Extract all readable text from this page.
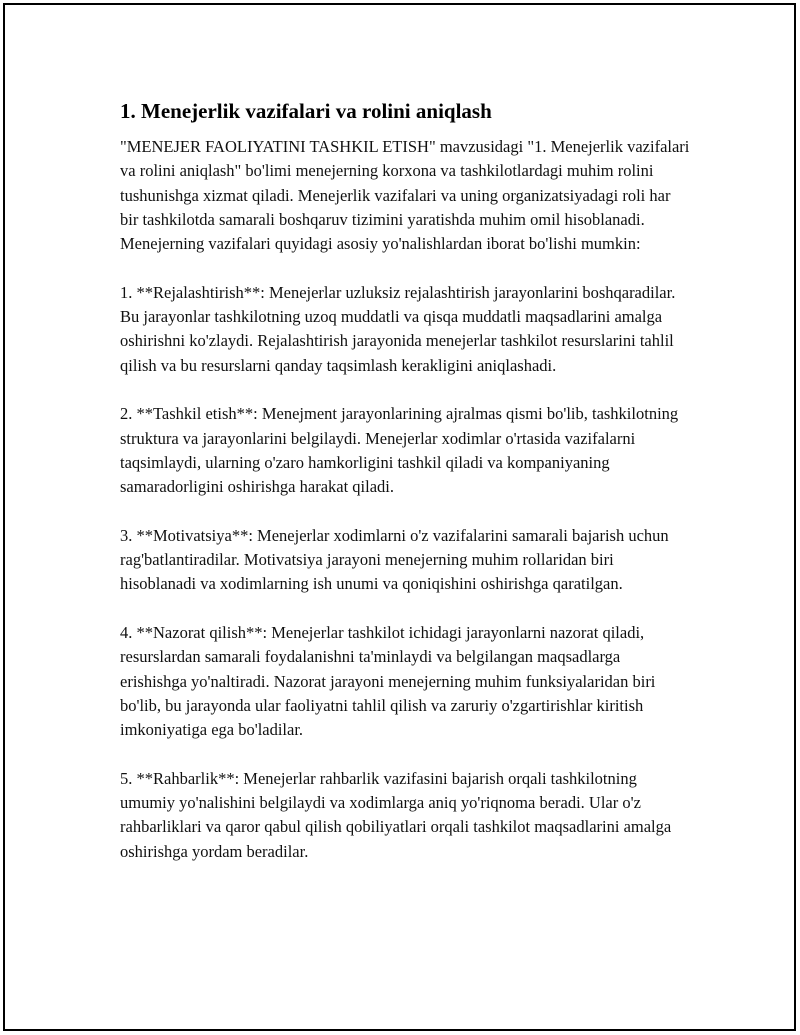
1. Menejerlik vazifalari va rolini aniqlash

"MENEJER FAOLIYATINI TASHKIL ETISH" mavzusidagi "1. Menejerlik vazifalari va rolini aniqlash" bo'limi menejerning korxona va tashkilotlardagi muhim rolini tushunishga xizmat qiladi. Menejerlik vazifalari va uning organizatsiyadagi roli har bir tashkilotda samarali boshqaruv tizimini yaratishda muhim omil hisoblanadi. Menejerning vazifalari quyidagi asosiy yo'nalishlardan iborat bo'lishi mumkin:

1. **Rejalashtirish**: Menejerlar uzluksiz rejalashtirish jarayonlarini boshqaradilar. Bu jarayonlar tashkilotning uzoq muddatli va qisqa muddatli maqsadlarini amalga oshirishni ko'zlaydi. Rejalashtirish jarayonida menejerlar tashkilot resurslarini tahlil qilish va bu resurslarni qanday taqsimlash kerakligini aniqlashadi.

2. **Tashkil etish**: Menejment jarayonlarining ajralmas qismi bo'lib, tashkilotning struktura va jarayonlarini belgilaydi. Menejerlar xodimlar o'rtasida vazifalarni taqsimlaydi, ularning o'zaro hamkorligini tashkil qiladi va kompaniyaning samaradorligini oshirishga harakat qiladi.

3. **Motivatsiya**: Menejerlar xodimlarni o'z vazifalarini samarali bajarish uchun rag'batlantiradilar. Motivatsiya jarayoni menejerning muhim rollaridan biri hisoblanadi va xodimlarning ish unumi va qoniqishini oshirishga qaratilgan.

4. **Nazorat qilish**: Menejerlar tashkilot ichidagi jarayonlarni nazorat qiladi, resurslardan samarali foydalanishni ta'minlaydi va belgilangan maqsadlarga erishishga yo'naltiradi. Nazorat jarayoni menejerning muhim funksiyalaridan biri bo'lib, bu jarayonda ular faoliyatni tahlil qilish va zaruriy o'zgartirishlar kiritish imkoniyatiga ega bo'ladilar.

5. **Rahbarlik**: Menejerlar rahbarlik vazifasini bajarish orqali tashkilotning umumiy yo'nalishini belgilaydi va xodimlarga aniq yo'riqnoma beradi. Ular o'z rahbarliklari va qaror qabul qilish qobiliyatlari orqali tashkilot maqsadlarini amalga oshirishga yordam beradilar.
